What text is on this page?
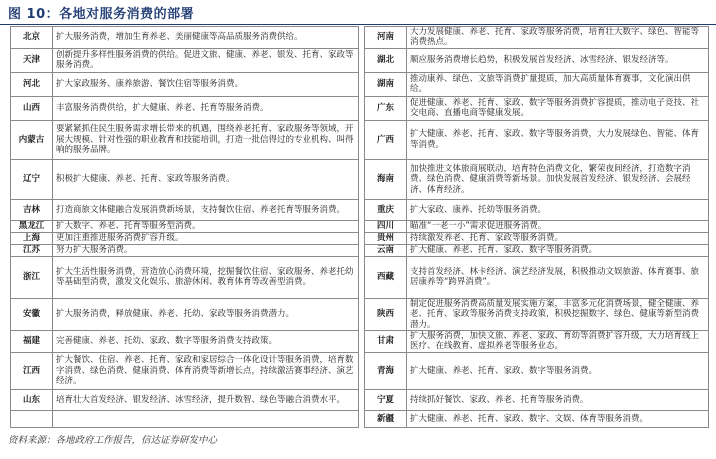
图 10：各地对服务消费的部署
北京	扩大服务消费，增加生育养老、美丽健康等高品质服务消费供给。		河南	大力发展健康、养老、托育、家政等服务消费，培育壮大数字、绿色、智能等消费热点。
天津	创新提升多样性服务消费的供给。促进文旅、健康、养老、银发、托育、家政等服务消费。		湖北	顺应服务消费增长趋势，积极发展首发经济、冰雪经济、银发经济等。
河北	扩大家政服务、康养旅游、餐饮住宿等服务消费。		湖南	推动康养、绿色、文旅等消费扩量提质，加大高质量体育赛事，文化演出供给。
山西	丰富服务消费供给，扩大健康、养老、托育等服务消费。		广东	促进健康、养老、托育、家政、数字等服务消费扩容提质，推动电子竞技、社交电商、直播电商等健康发展。
内蒙古	要紧紧抓住民生服务需求增长带来的机遇，围绕养老托育、家政服务等领域，开展大规模、针对性强的职业教育和技能培训，打造一批信得过的专业机构、叫得响的服务品牌。		广西	扩大健康、养老、托育、家政、数字等服务消费，大力发展绿色、智能、体育等消费。
辽宁	积极扩大健康、养老、托育、家政等服务消费。		海南	加快推进文体旅商展联动，培育特色消费文化，繁荣夜间经济，打造数字消费、绿色消费、健康消费等新场景。加快发展首发经济、银发经济、会展经济、体育经济。
吉林	打造商旅文体健融合发展消费新场景，支持餐饮住宿、养老托育等服务消费。		重庆	扩大家政、康养、托幼等服务消费。
黑龙江	扩大数字、养老、托育等服务型消费。		四川	瞄准“一老一小”需求促进服务消费。
上海	更加注重推进服务消费扩容升级。		贵州	持续激发养老、托育、家政等服务消费。
江苏	努力扩大服务消费。		云南	扩大健康、养老、托育、家政、数字等服务消费。
浙江	扩大生活性服务消费，营造放心消费环境，挖掘餐饮住宿、家政服务、养老托幼等基础型消费，激发文化娱乐、旅游休闲、教育体育等改善型消费。		西藏	支持首发经济、林卡经济、演艺经济发展，积极推动文娱旅游、体育赛事、旅居康养等“跨界消费”。
安徽	扩大服务消费，释放健康、养老、托幼、家政等服务消费潜力。		陕西	制定促进服务消费高质量发展实施方案，丰富多元化消费场景，健全健康、养老、托育、家政等服务消费支持政策，积极挖掘数字、绿色、健康等新型消费潜力。
福建	完善健康、养老、托幼、家政、数字等服务消费支持政策。		甘肃	扩大服务消费，加快文旅、养老、家政、育幼等消费扩容升级，大力培育线上医疗、在线教育、虚拟养老等服务业态。
江西	扩大餐饮、住宿、养老、托育、家政和家居综合一体化设计等服务消费，培育数字消费、绿色消费、健康消费、体育消费等新增长点，持续激活赛事经济、演艺经济。		青海	扩大健康、养老、托育、家政、数字等服务消费。
山东	培育壮大首发经济、银发经济、冰雪经济，提升数智、绿色等融合消费水平。		宁夏	持续抓好餐饮、家政、养老、托育等服务消费。
			新疆	扩大健康、养老、托育、家政、数字、文娱、体育等服务消费。
资料来源：各地政府工作报告，信达证券研发中心
